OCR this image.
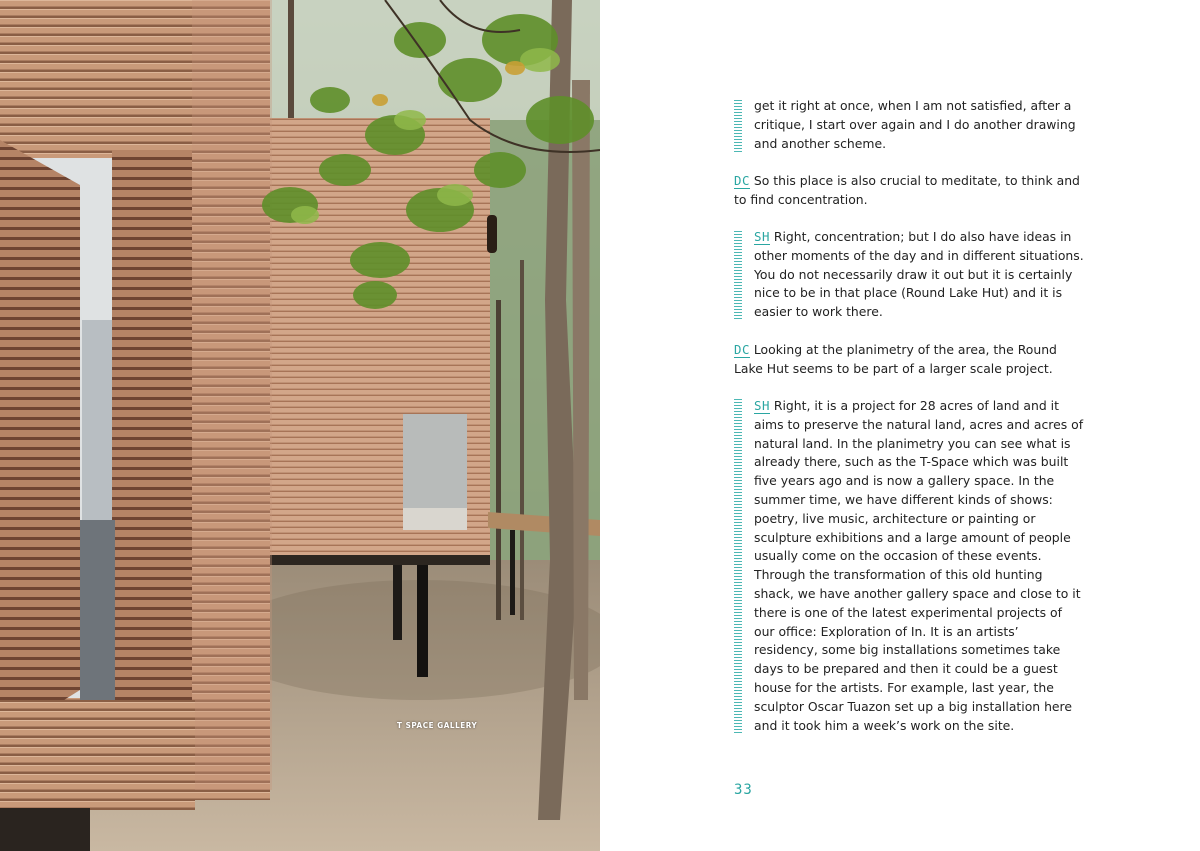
T SPACE GALLERY
get it right at once, when I am not satisfied, after a critique, I start over again and I do another drawing and another scheme.
DC So this place is also crucial to meditate, to think and to find concentration.
SH Right, concentration; but I do also have ideas in other moments of the day and in different situations. You do not necessarily draw it out but it is certainly nice to be in that place (Round Lake Hut) and it is easier to work there.
DC Looking at the planimetry of the area, the Round Lake Hut seems to be part of a larger scale project.
SH Right, it is a project for 28 acres of land and it aims to preserve the natural land, acres and acres of natural land. In the planimetry you can see what is already there, such as the T-Space which was built five years ago and is now a gallery space. In the summer time, we have different kinds of shows: poetry, live music, architecture or painting or sculpture exhibitions and a large amount of people usually come on the occasion of these events.
Through the transformation of this old hunting shack, we have another gallery space and close to it there is one of the latest experimental projects of our office: Exploration of In. It is an artists’ residency, some big installations sometimes take days to be prepared and then it could be a guest house for the artists. For example, last year, the sculptor Oscar Tuazon set up a big installation here and it took him a week’s work on the site.
33
